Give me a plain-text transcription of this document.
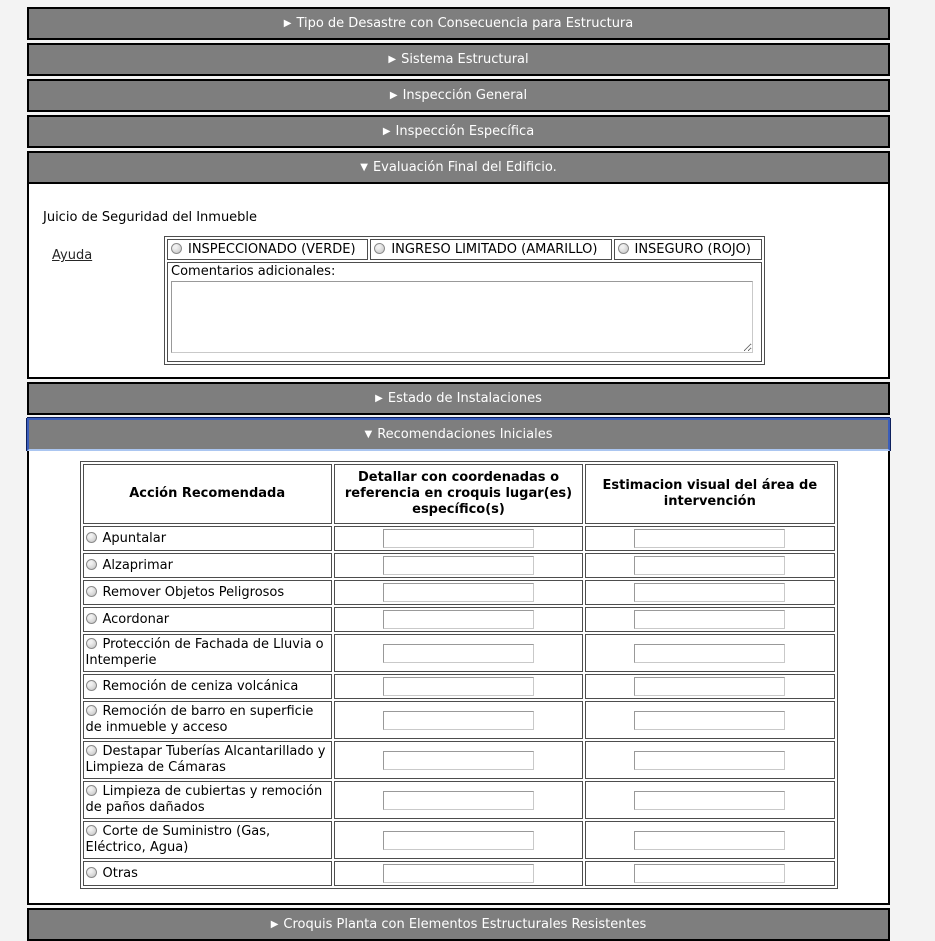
▶ Tipo de Desastre con Consecuencia para Estructura
▶ Sistema Estructural
▶ Inspección General
▶ Inspección Específica
▼ Evaluación Final del Edificio.
Juicio de Seguridad del Inmueble
Ayuda	INSPECCIONADO (VERDE)	INGRESO LIMITADO (AMARILLO)	INSEGURO (ROJO)

Comentarios adicionales:
▶ Estado de Instalaciones
▼ Recomendaciones Iniciales
Acción Recomendada	Detallar con coordenadas o referencia en croquis lugar(es) específico(s)	Estimacion visual del área de intervención
Apuntalar		
Alzaprimar		
Remover Objetos Peligrosos		
Acordonar		
Protección de Fachada de Lluvia o Intemperie		
Remoción de ceniza volcánica		
Remoción de barro en superficie de inmueble y acceso		
Destapar Tuberías Alcantarillado y Limpieza de Cámaras		
Limpieza de cubiertas y remoción de paños dañados		
Corte de Suministro (Gas, Eléctrico, Agua)		
Otras		
▶ Croquis Planta con Elementos Estructurales Resistentes
